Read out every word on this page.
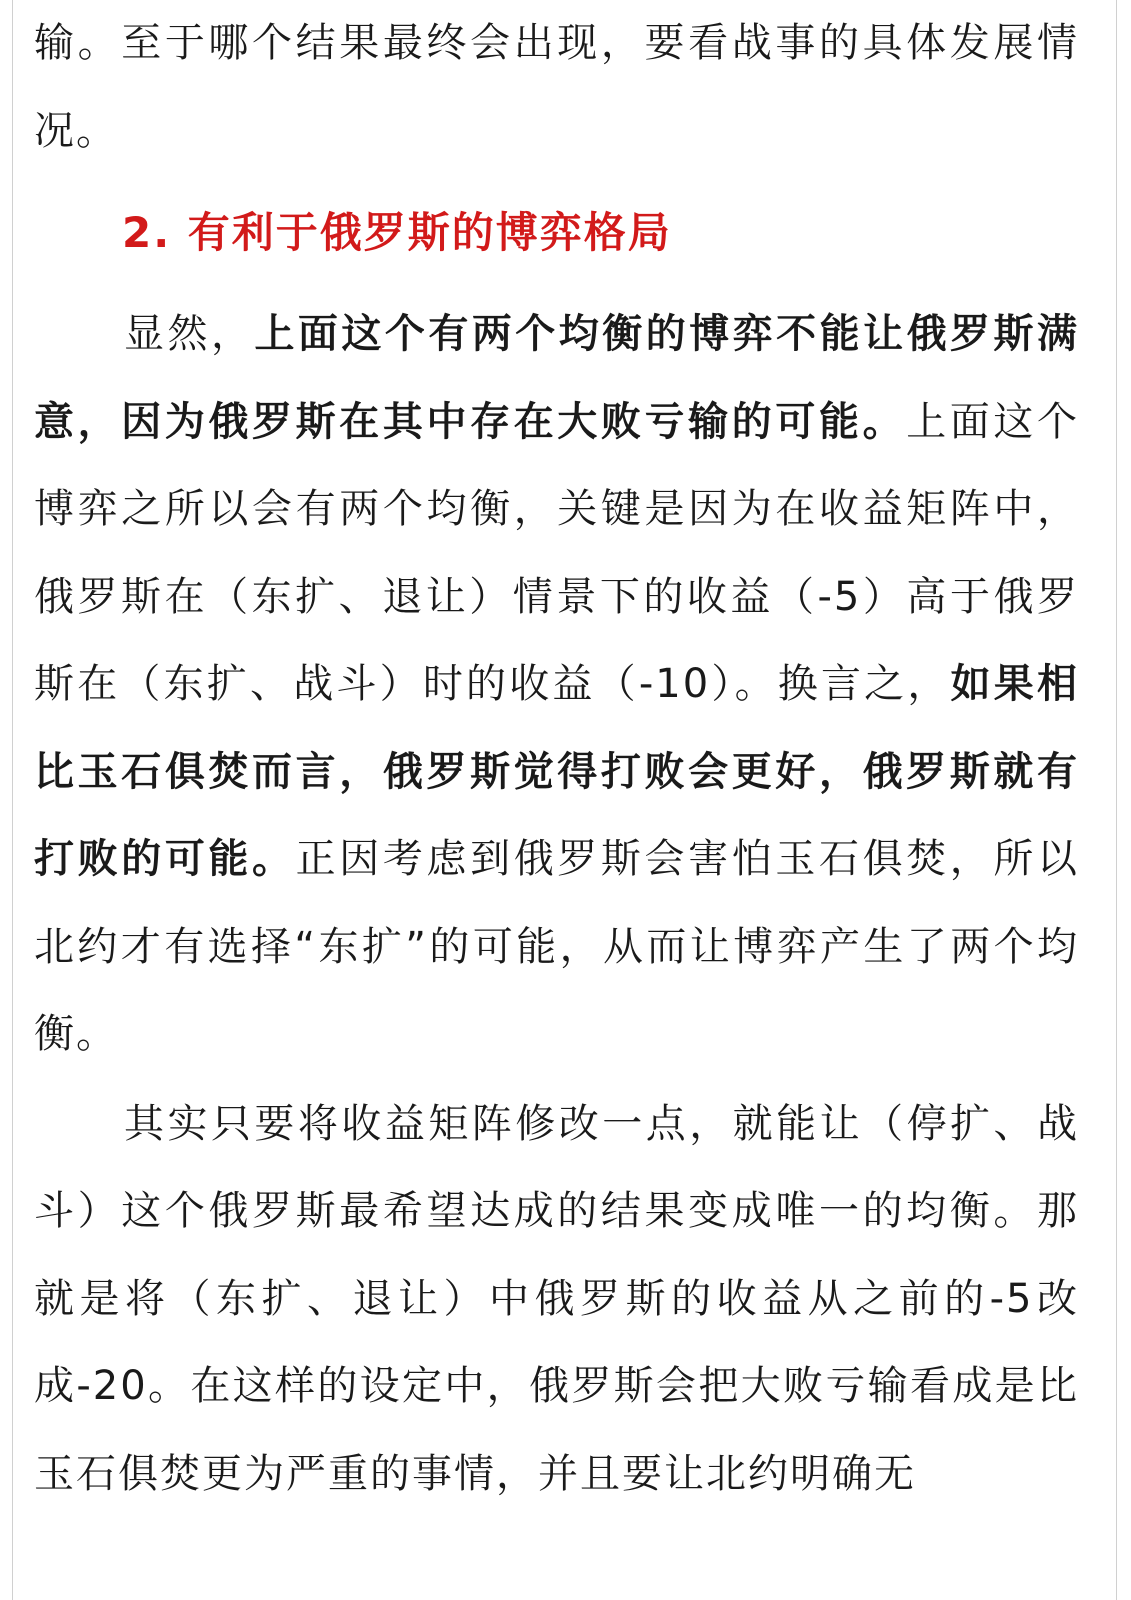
输。至于哪个结果最终会出现，要看战事的具体发展情况。

2. 有利于俄罗斯的博弈格局

显然，上面这个有两个均衡的博弈不能让俄罗斯满意，因为俄罗斯在其中存在大败亏输的可能。上面这个博弈之所以会有两个均衡，关键是因为在收益矩阵中，俄罗斯在（东扩、退让）情景下的收益（-5）高于俄罗斯在（东扩、战斗）时的收益（-10）。换言之，如果相比玉石俱焚而言，俄罗斯觉得打败会更好，俄罗斯就有打败的可能。正因考虑到俄罗斯会害怕玉石俱焚，所以北约才有选择“东扩”的可能，从而让博弈产生了两个均衡。

其实只要将收益矩阵修改一点，就能让（停扩、战斗）这个俄罗斯最希望达成的结果变成唯一的均衡。那就是将（东扩、退让）中俄罗斯的收益从之前的-5改成-20。在这样的设定中，俄罗斯会把大败亏输看成是比玉石俱焚更为严重的事情，并且要让北约明确无
